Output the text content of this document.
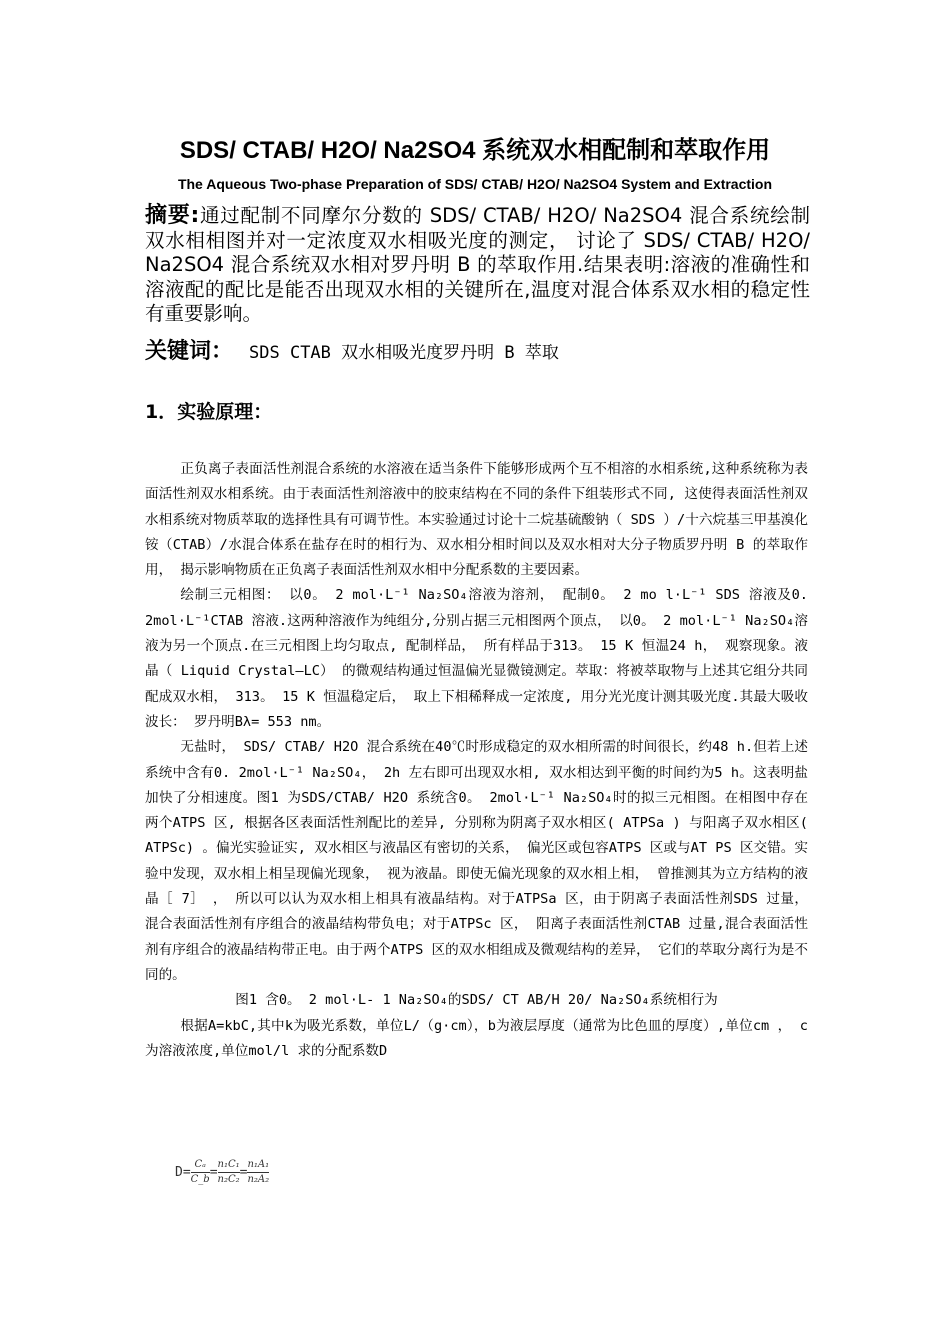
SDS/ CTAB/ H2O/ Na2SO4 系统双水相配制和萃取作用
The Aqueous Two-phase Preparation of SDS/ CTAB/ H2O/ Na2SO4 System and Extraction
摘要:通过配制不同摩尔分数的 SDS/ CTAB/ H2O/ Na2SO4 混合系统绘制双水相相图并对一定浓度双水相吸光度的测定， 讨论了 SDS/ CTAB/ H2O/ Na2SO4 混合系统双水相对罗丹明 B 的萃取作用.结果表明:溶液的准确性和溶液配的配比是能否出现双水相的关键所在,温度对混合体系双水相的稳定性有重要影响。
关键词： SDS CTAB 双水相吸光度罗丹明 B 萃取
1．实验原理：

正负离子表面活性剂混合系统的水溶液在适当条件下能够形成两个互不相溶的水相系统,这种系统称为表面活性剂双水相系统。由于表面活性剂溶液中的胶束结构在不同的条件下组装形式不同, 这使得表面活性剂双水相系统对物质萃取的选择性具有可调节性。本实验通过讨论十二烷基硫酸钠（ SDS ）/十六烷基三甲基溴化铵（CTAB）/水混合体系在盐存在时的相行为、双水相分相时间以及双水相对大分子物质罗丹明 B 的萃取作用， 揭示影响物质在正负离子表面活性剂双水相中分配系数的主要因素。

绘制三元相图： 以0。 2 mol·L⁻¹ Na₂SO₄溶液为溶剂， 配制0。 2 mo l·L⁻¹ SDS 溶液及0. 2mol·L⁻¹CTAB 溶液.这两种溶液作为纯组分,分别占据三元相图两个顶点， 以0。 2 mol·L⁻¹ Na₂SO₄溶液为另一个顶点.在三元相图上均匀取点, 配制样品， 所有样品于313。 15 K 恒温24 h， 观察现象。液晶（ Liquid Crystal—LC） 的微观结构通过恒温偏光显微镜测定。萃取：将被萃取物与上述其它组分共同配成双水相， 313。 15 K 恒温稳定后， 取上下相稀释成一定浓度, 用分光光度计测其吸光度.其最大吸收波长： 罗丹明Bλ= 553 nm。

无盐时， SDS/ CTAB/ H2O 混合系统在40℃时形成稳定的双水相所需的时间很长，约48 h.但若上述系统中含有0. 2mol·L⁻¹ Na₂SO₄， 2h 左右即可出现双水相, 双水相达到平衡的时间约为5 h。这表明盐加快了分相速度。图1 为SDS/CTAB/ H2O 系统含0。 2mol·L⁻¹ Na₂SO₄时的拟三元相图。在相图中存在两个ATPS 区, 根据各区表面活性剂配比的差异, 分别称为阴离子双水相区( ATPSa ) 与阳离子双水相区( ATPSc) 。偏光实验证实, 双水相区与液晶区有密切的关系， 偏光区或包容ATPS 区或与AT PS 区交错。实验中发现，双水相上相呈现偏光现象， 视为液晶。即使无偏光现象的双水相上相， 曾推测其为立方结构的液晶［ 7］ ， 所以可以认为双水相上相具有液晶结构。对于ATPSa 区，由于阴离子表面活性剂SDS 过量， 混合表面活性剂有序组合的液晶结构带负电；对于ATPSc 区， 阳离子表面活性剂CTAB 过量,混合表面活性剂有序组合的液晶结构带正电。由于两个ATPS 区的双水相组成及微观结构的差异， 它们的萃取分离行为是不同的。

图1 含0。 2 mol·L- 1 Na₂SO₄的SDS/ CT AB/H 20/ Na₂SO₄系统相行为

根据A=kbC,其中k为吸光系数，单位L/（g·cm），b为液层厚度（通常为比色皿的厚度）,单位cm ， c为溶液浓度,单位mol/l 求的分配系数D

$D= \frac{\text{Cₐ}}{C\_b} = \frac{\text{n₁C₁}}{\text{n₂C₂}} = \frac{\text{n₁A₁}}{\text{n₂A₂}}$
